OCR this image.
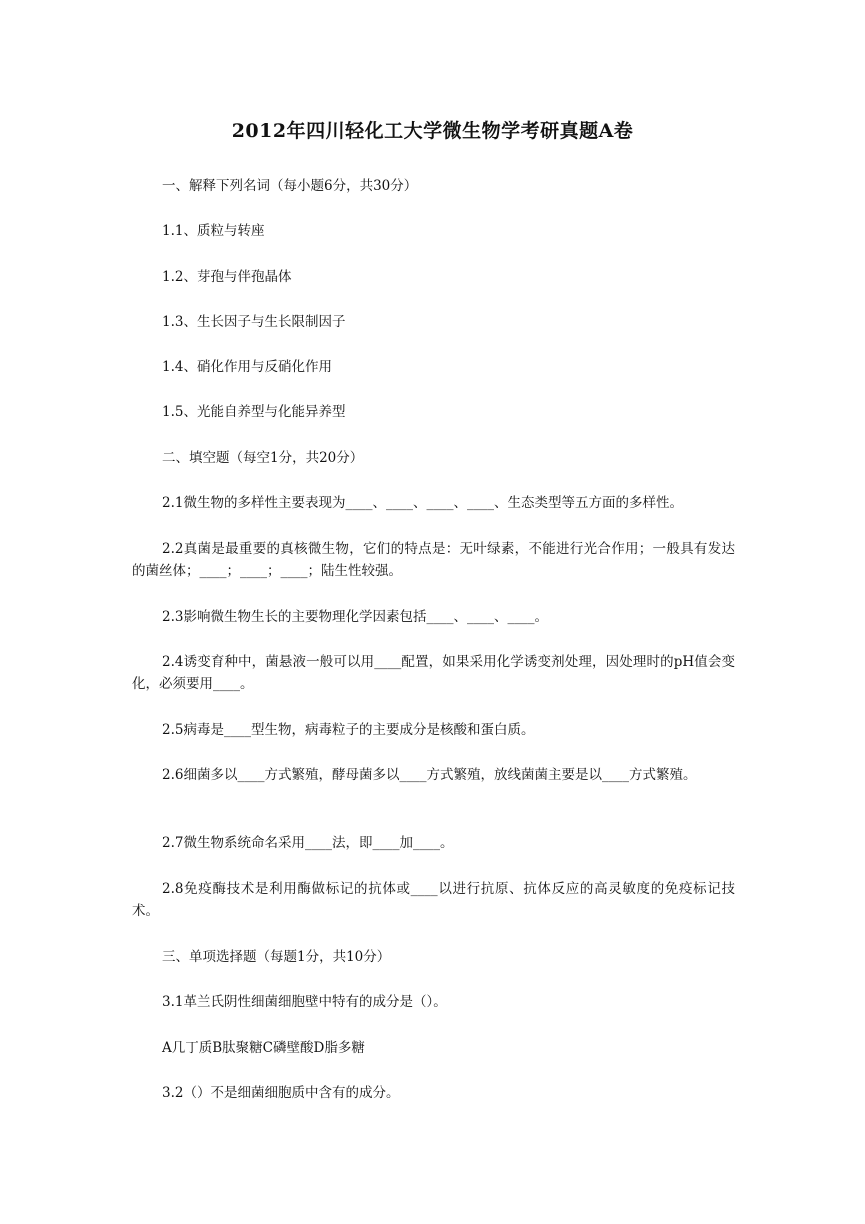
2012年四川轻化工大学微生物学考研真题A卷

一、解释下列名词（每小题6分，共30分）

1.1、质粒与转座

1.2、芽孢与伴孢晶体

1.3、生长因子与生长限制因子

1.4、硝化作用与反硝化作用

1.5、光能自养型与化能异养型

二、填空题（每空1分，共20分）

2.1微生物的多样性主要表现为____、____、____、____、生态类型等五方面的多样性。

2.2真菌是最重要的真核微生物，它们的特点是：无叶绿素，不能进行光合作用；一般具有发达的菌丝体；____；____；____；陆生性较强。

2.3影响微生物生长的主要物理化学因素包括____、____、____。

2.4诱变育种中，菌悬液一般可以用____配置，如果采用化学诱变剂处理，因处理时的pH值会变化，必须要用____。

2.5病毒是____型生物，病毒粒子的主要成分是核酸和蛋白质。

2.6细菌多以____方式繁殖，酵母菌多以____方式繁殖，放线菌菌主要是以____方式繁殖。

2.7微生物系统命名采用____法，即____加____。

2.8免疫酶技术是利用酶做标记的抗体或____以进行抗原、抗体反应的高灵敏度的免疫标记技术。

三、单项选择题（每题1分，共10分）

3.1革兰氏阴性细菌细胞壁中特有的成分是（）。

A几丁质B肽聚糖C磷壁酸D脂多糖

3.2（）不是细菌细胞质中含有的成分。
